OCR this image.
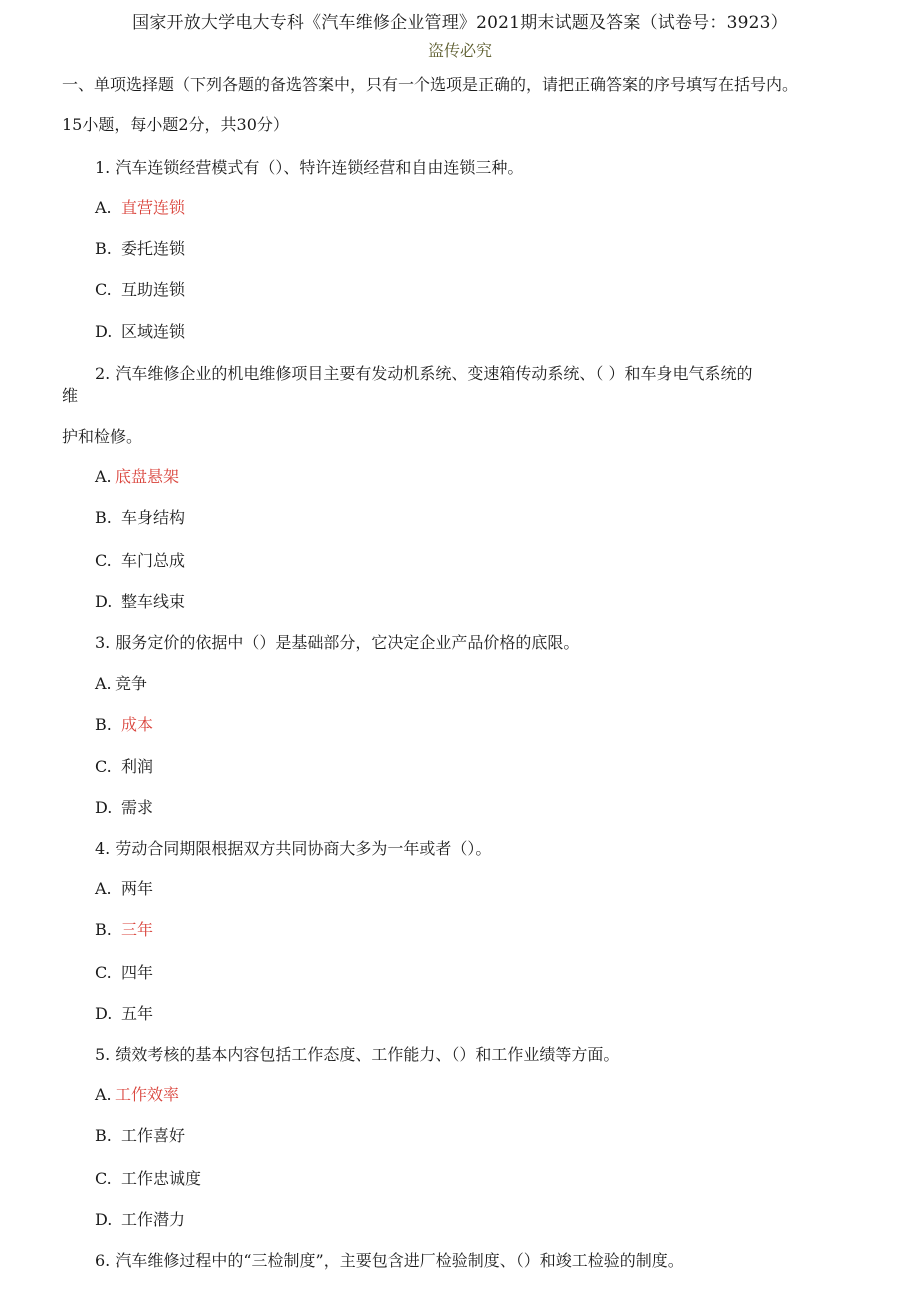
国家开放大学电大专科《汽车维修企业管理》2021期末试题及答案（试卷号：3923）
盗传必究
一、单项选择题（下列各题的备选答案中，只有一个选项是正确的，请把正确答案的序号填写在括号内。
15小题，每小题2分，共30分）
1. 汽车连锁经营模式有（）、特许连锁经营和自由连锁三种。
A. 直营连锁
B. 委托连锁
C. 互助连锁
D. 区域连锁
2. 汽车维修企业的机电维修项目主要有发动机系统、变速箱传动系统、（ ）和车身电气系统的
维
护和检修。
A. 底盘悬架
B. 车身结构
C. 车门总成
D. 整车线束
3. 服务定价的依据中（）是基础部分，它决定企业产品价格的底限。
A. 竞争
B. 成本
C. 利润
D. 需求
4. 劳动合同期限根据双方共同协商大多为一年或者（）。
A. 两年
B. 三年
C. 四年
D. 五年
5. 绩效考核的基本内容包括工作态度、工作能力、（）和工作业绩等方面。
A. 工作效率
B. 工作喜好
C. 工作忠诚度
D. 工作潜力
6. 汽车维修过程中的“三检制度”，主要包含进厂检验制度、（）和竣工检验的制度。
